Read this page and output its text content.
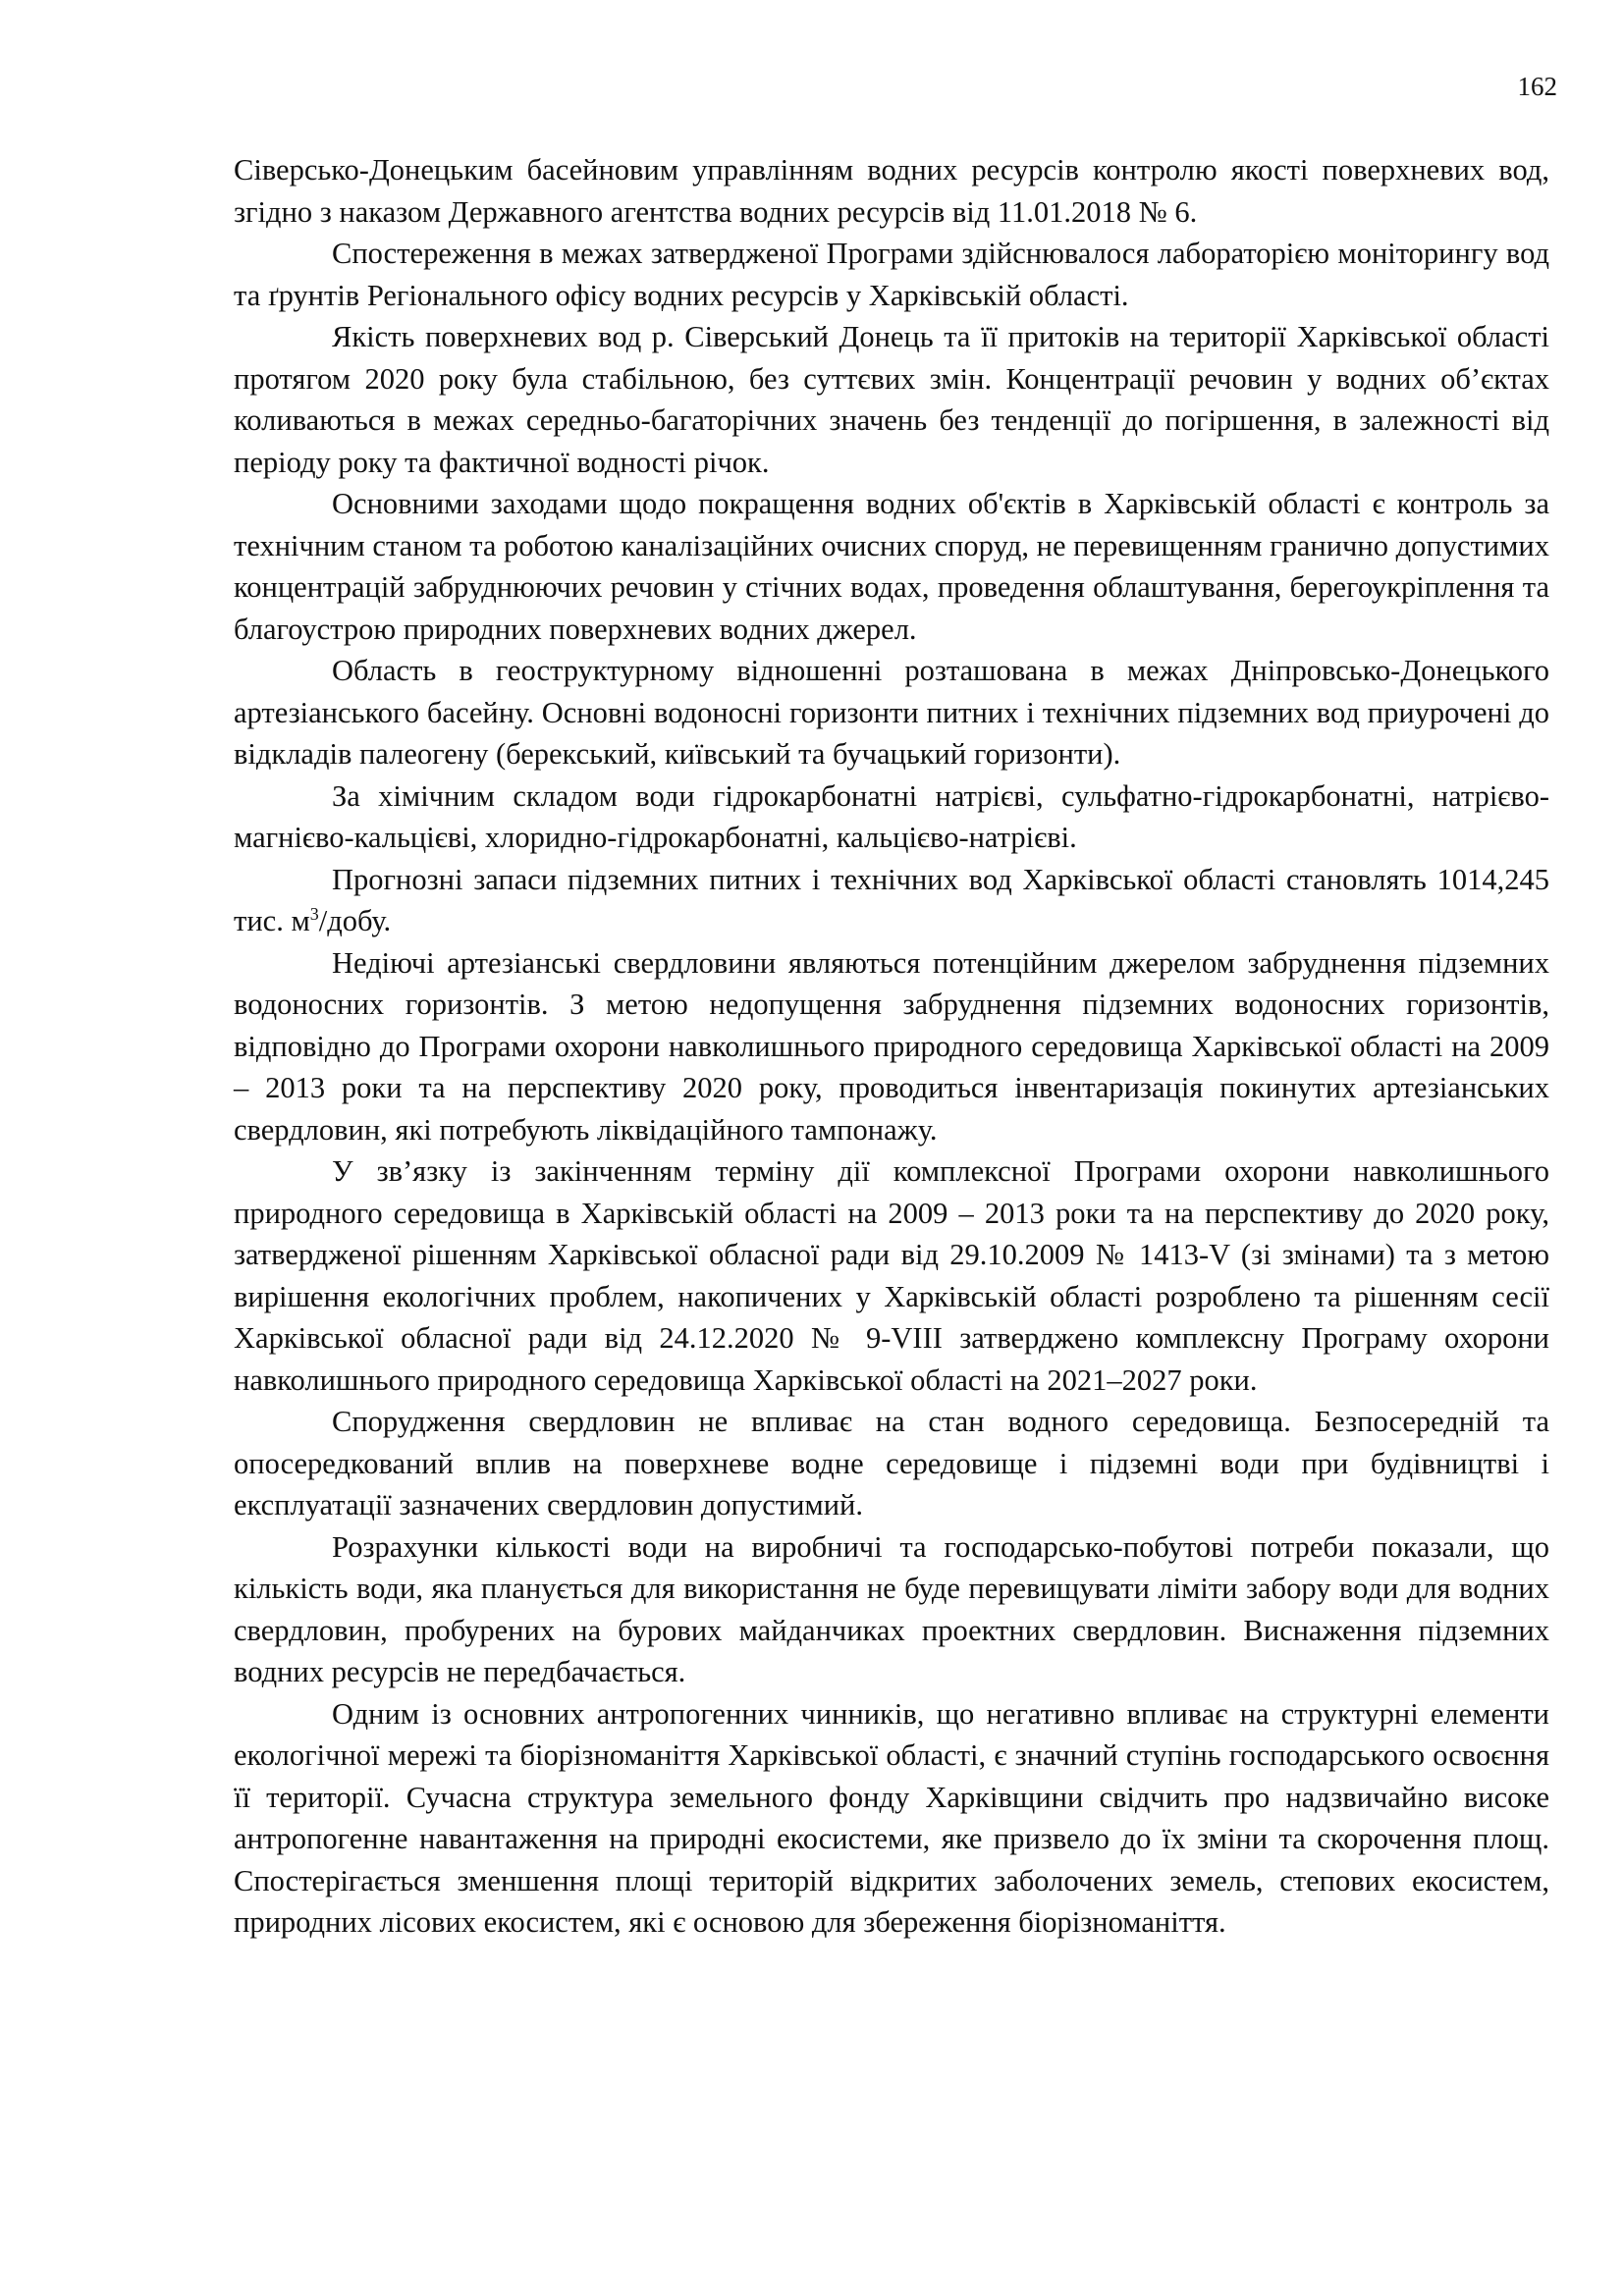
162

Сіверсько-Донецьким басейновим управлінням водних ресурсів контролю якості поверхневих вод, згідно з наказом Державного агентства водних ресурсів від 11.01.2018 № 6.

Спостереження в межах затвердженої Програми здійснювалося лабораторією моніторингу вод та ґрунтів Регіонального офісу водних ресурсів у Харківській області.

Якість поверхневих вод р. Сіверський Донець та її притоків на території Харківської області протягом 2020 року була стабільною, без суттєвих змін. Концентрації речовин у водних об’єктах коливаються в межах середньо-багаторічних значень без тенденції до погіршення, в залежності від періоду року та фактичної водності річок.

Основними заходами щодо покращення водних об'єктів в Харківській області є контроль за технічним станом та роботою каналізаційних очисних споруд, не перевищенням гранично допустимих концентрацій забруднюючих речовин у стічних водах, проведення облаштування, берегоукріплення та благоустрою природних поверхневих водних джерел.

Область в геоструктурному відношенні розташована в межах Дніпровсько-Донецького артезіанського басейну. Основні водоносні горизонти питних і технічних підземних вод приурочені до відкладів палеогену (берекський, київський та бучацький горизонти).

За хімічним складом води гідрокарбонатні натрієві, сульфатно-гідрокарбонатні, натрієво-магнієво-кальцієві, хлоридно-гідрокарбонатні, кальцієво-натрієві.

Прогнозні запаси підземних питних і технічних вод Харківської області становлять 1014,245 тис. $м^3$/добу.

Недіючі артезіанські свердловини являються потенційним джерелом забруднення підземних водоносних горизонтів. З метою недопущення забруднення підземних водоносних горизонтів, відповідно до Програми охорони навколишнього природного середовища Харківської області на 2009 – 2013 роки та на перспективу 2020 року, проводиться інвентаризація покинутих артезіанських свердловин, які потребують ліквідаційного тампонажу.

У зв’язку із закінченням терміну дії комплексної Програми охорони навколишнього природного середовища в Харківській області на 2009 – 2013 роки та на перспективу до 2020 року, затвердженої рішенням Харківської обласної ради від 29.10.2009 № 1413-V (зі змінами) та з метою вирішення екологічних проблем, накопичених у Харківській області розроблено та рішенням сесії Харківської обласної ради від 24.12.2020 № 9-VIII затверджено комплексну Програму охорони навколишнього природного середовища Харківської області на 2021–2027 роки.

Спорудження свердловин не впливає на стан водного середовища. Безпосередній та опосередкований вплив на поверхневе водне середовище і підземні води при будівництві і експлуатації зазначених свердловин допустимий.

Розрахунки кількості води на виробничі та господарсько-побутові потреби показали, що кількість води, яка планується для використання не буде перевищувати ліміти забору води для водних свердловин, пробурених на бурових майданчиках проектних свердловин. Виснаження підземних водних ресурсів не передбачається.

Одним із основних антропогенних чинників, що негативно впливає на структурні елементи екологічної мережі та біорізноманіття Харківської області, є значний ступінь господарського освоєння її території. Сучасна структура земельного фонду Харківщини свідчить про надзвичайно високе антропогенне навантаження на природні екосистеми, яке призвело до їх зміни та скорочення площ. Спостерігається зменшення площі територій відкритих заболочених земель, степових екосистем, природних лісових екосистем, які є основою для збереження біорізноманіття.
